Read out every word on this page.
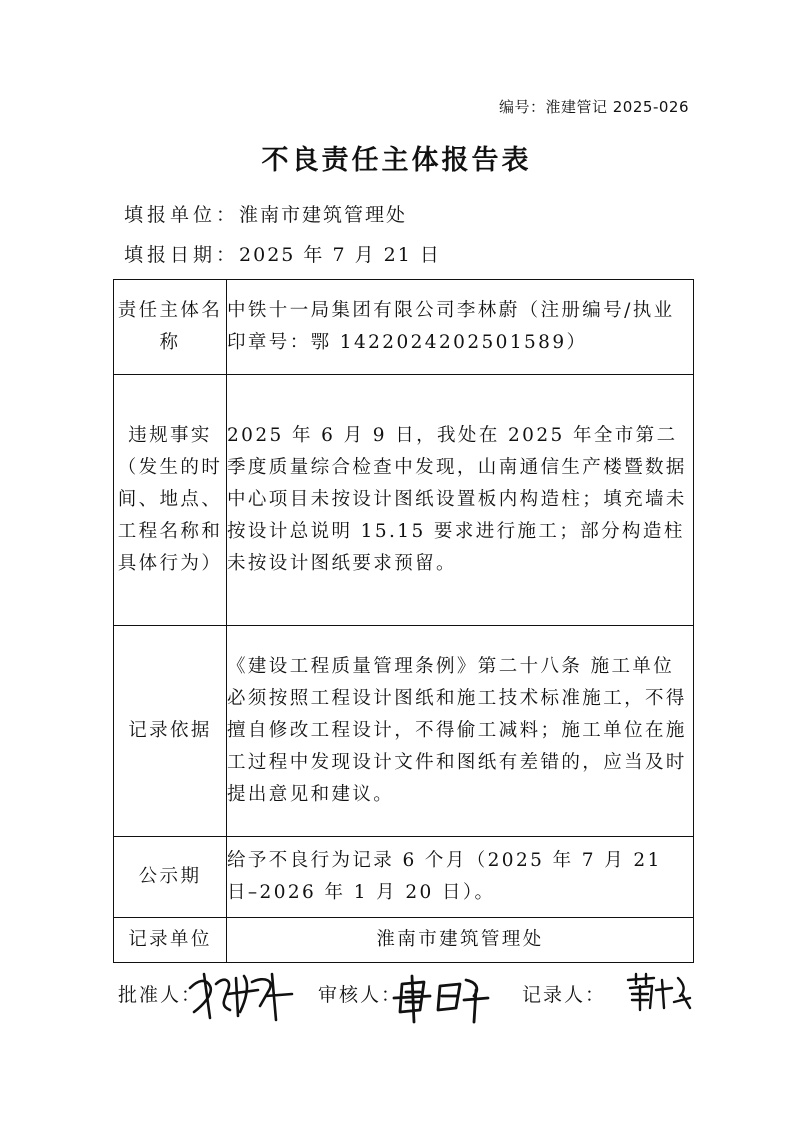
编号：淮建管记 2025-026
不良责任主体报告表
填报单位：淮南市建筑管理处
填报日期：2025 年 7 月 21 日
责任主体名称	中铁十一局集团有限公司李林蔚（注册编号/执业印章号：鄂 1422024202501589）
违规事实（发生的时间、地点、工程名称和具体行为）	2025 年 6 月 9 日，我处在 2025 年全市第二季度质量综合检查中发现，山南通信生产楼暨数据中心项目未按设计图纸设置板内构造柱；填充墙未按设计总说明 15.15 要求进行施工；部分构造柱未按设计图纸要求预留。
记录依据	《建设工程质量管理条例》第二十八条 施工单位必须按照工程设计图纸和施工技术标准施工，不得擅自修改工程设计，不得偷工减料；施工单位在施工过程中发现设计文件和图纸有差错的，应当及时提出意见和建议。
公示期	给予不良行为记录 6 个月（2025 年 7 月 21 日–2026 年 1 月 20 日）。
记录单位	淮南市建筑管理处
批准人：	审核人：	记录人：
